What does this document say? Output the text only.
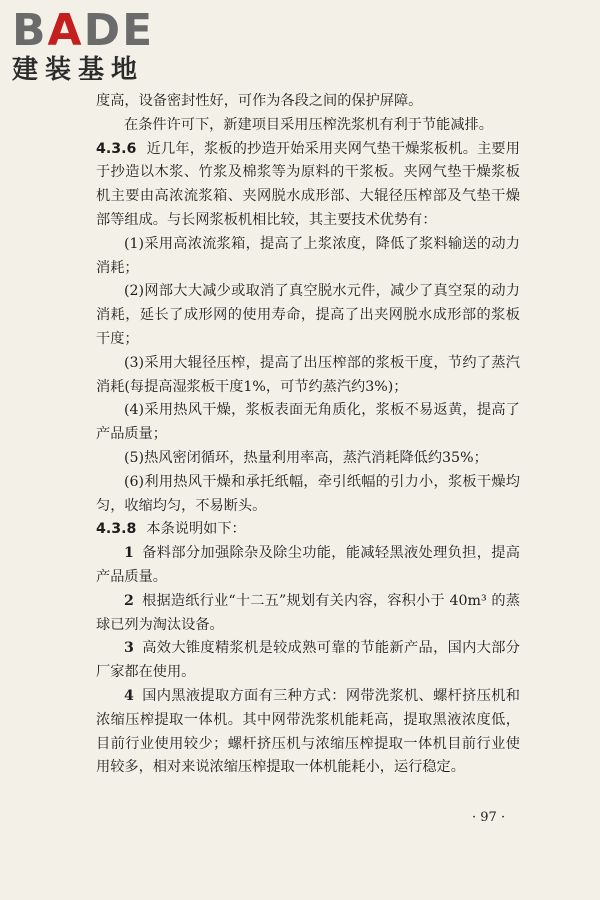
BADE
建装基地

度高，设备密封性好，可作为各段之间的保护屏障。

在条件许可下，新建项目采用压榨洗浆机有利于节能减排。

4.3.6 近几年，浆板的抄造开始采用夹网气垫干燥浆板机。主要用于抄造以木浆、竹浆及棉浆等为原料的干浆板。夹网气垫干燥浆板机主要由高浓流浆箱、夹网脱水成形部、大辊径压榨部及气垫干燥部等组成。与长网浆板机相比较，其主要技术优势有：

(1)采用高浓流浆箱，提高了上浆浓度，降低了浆料输送的动力消耗；

(2)网部大大减少或取消了真空脱水元件，减少了真空泵的动力消耗，延长了成形网的使用寿命，提高了出夹网脱水成形部的浆板干度；

(3)采用大辊径压榨，提高了出压榨部的浆板干度，节约了蒸汽消耗(每提高湿浆板干度1%，可节约蒸汽约3%)；

(4)采用热风干燥，浆板表面无角质化，浆板不易返黄，提高了产品质量；

(5)热风密闭循环，热量利用率高，蒸汽消耗降低约35%；

(6)利用热风干燥和承托纸幅，牵引纸幅的引力小，浆板干燥均匀，收缩均匀，不易断头。

4.3.8 本条说明如下：

1 备料部分加强除杂及除尘功能，能减轻黑液处理负担，提高产品质量。

2 根据造纸行业“十二五”规划有关内容，容积小于 40m³ 的蒸球已列为淘汰设备。

3 高效大锥度精浆机是较成熟可靠的节能新产品，国内大部分厂家都在使用。

4 国内黑液提取方面有三种方式：网带洗浆机、螺杆挤压机和浓缩压榨提取一体机。其中网带洗浆机能耗高，提取黑液浓度低，目前行业使用较少；螺杆挤压机与浓缩压榨提取一体机目前行业使用较多，相对来说浓缩压榨提取一体机能耗小，运行稳定。

· 97 ·
